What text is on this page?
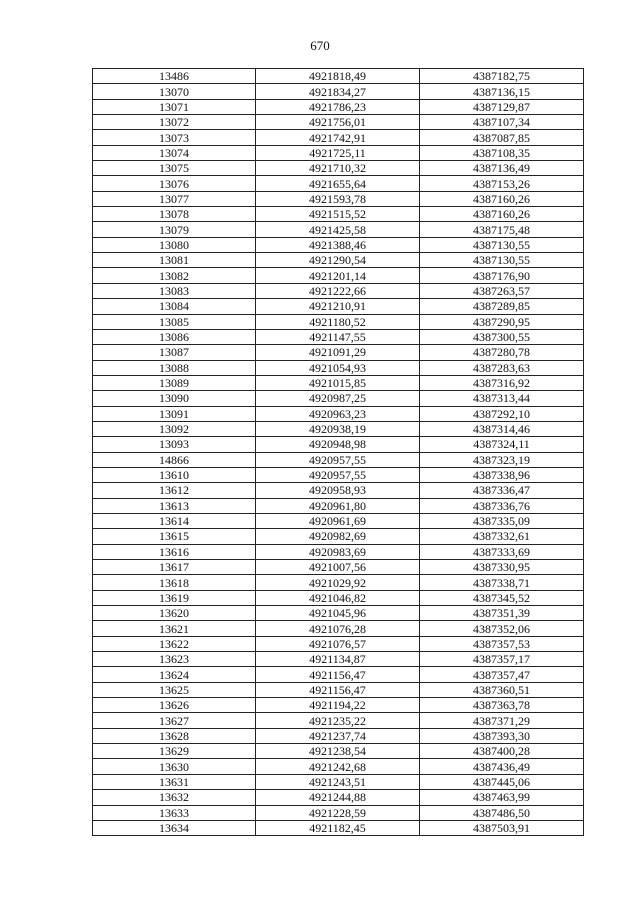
670
13486	4921818,49	4387182,75
13070	4921834,27	4387136,15
13071	4921786,23	4387129,87
13072	4921756,01	4387107,34
13073	4921742,91	4387087,85
13074	4921725,11	4387108,35
13075	4921710,32	4387136,49
13076	4921655,64	4387153,26
13077	4921593,78	4387160,26
13078	4921515,52	4387160,26
13079	4921425,58	4387175,48
13080	4921388,46	4387130,55
13081	4921290,54	4387130,55
13082	4921201,14	4387176,90
13083	4921222,66	4387263,57
13084	4921210,91	4387289,85
13085	4921180,52	4387290,95
13086	4921147,55	4387300,55
13087	4921091,29	4387280,78
13088	4921054,93	4387283,63
13089	4921015,85	4387316,92
13090	4920987,25	4387313,44
13091	4920963,23	4387292,10
13092	4920938,19	4387314,46
13093	4920948,98	4387324,11
14866	4920957,55	4387323,19
13610	4920957,55	4387338,96
13612	4920958,93	4387336,47
13613	4920961,80	4387336,76
13614	4920961,69	4387335,09
13615	4920982,69	4387332,61
13616	4920983,69	4387333,69
13617	4921007,56	4387330,95
13618	4921029,92	4387338,71
13619	4921046,82	4387345,52
13620	4921045,96	4387351,39
13621	4921076,28	4387352,06
13622	4921076,57	4387357,53
13623	4921134,87	4387357,17
13624	4921156,47	4387357,47
13625	4921156,47	4387360,51
13626	4921194,22	4387363,78
13627	4921235,22	4387371,29
13628	4921237,74	4387393,30
13629	4921238,54	4387400,28
13630	4921242,68	4387436,49
13631	4921243,51	4387445,06
13632	4921244,88	4387463,99
13633	4921228,59	4387486,50
13634	4921182,45	4387503,91
